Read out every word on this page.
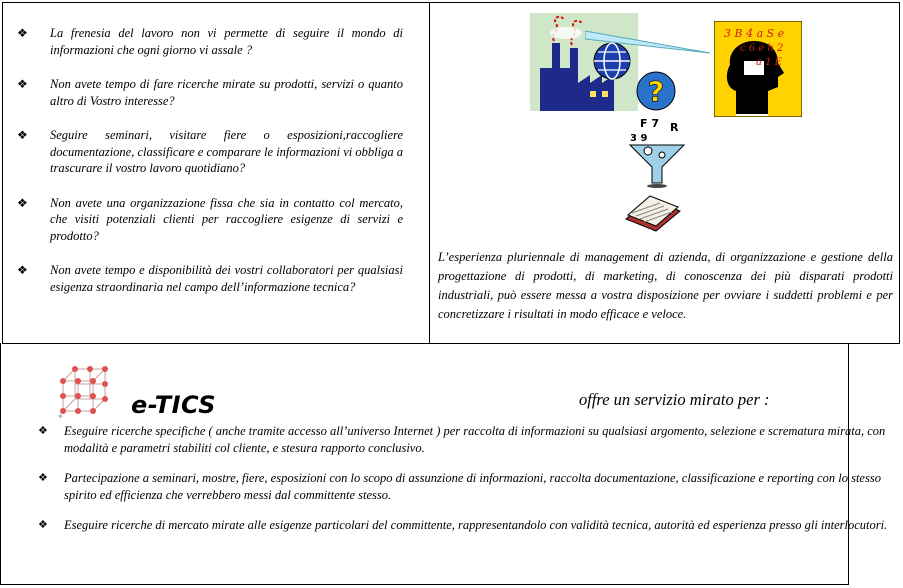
❖ La frenesia del lavoro non vi permette di seguire il mondo di informazioni che ogni giorno vi assale ?
❖ Non avete tempo di fare ricerche mirate su prodotti, servizi o quanto altro di Vostro interesse?
❖ Seguire seminari, visitare fiere o esposizioni,raccogliere documentazione, classificare e comparare le informazioni vi obbliga a trascurare il vostro lavoro quotidiano?
❖ Non avete una organizzazione fissa che sia in contatto col mercato, che visiti potenziali clienti per raccogliere esigenze di servizi e prodotto?
❖ Non avete tempo e disponibilità dei vostri collaboratori per qualsiasi esigenza straordinaria nel campo dell’informazione tecnica?
?
3 B 4 a S e
c 6 e h 2
a 1 E
F 7 R
3 9
L’esperienza pluriennale di management di azienda, di organizzazione e gestione della progettazione di prodotti, di marketing, di conoscenza dei più disparati prodotti industriali, può essere messa a vostra disposizione per ovviare i suddetti problemi e per concretizzare i risultati in modo efficace e veloce.
✦	e-TICS	offre un servizio mirato per :
❖ Eseguire ricerche specifiche ( anche tramite accesso all’universo Internet ) per raccolta di informazioni su qualsiasi argomento, selezione e scrematura mirata, con modalità e parametri stabiliti col cliente, e stesura rapporto conclusivo.
❖ Partecipazione a seminari, mostre, fiere, esposizioni con lo scopo di assunzione di informazioni, raccolta documentazione, classificazione e reporting con lo stesso spirito ed efficienza che verrebbero messi dal committente stesso.
❖ Eseguire ricerche di mercato mirate alle esigenze particolari del committente, rappresentandolo con validità tecnica, autorità ed esperienza presso gli interlocutori.
